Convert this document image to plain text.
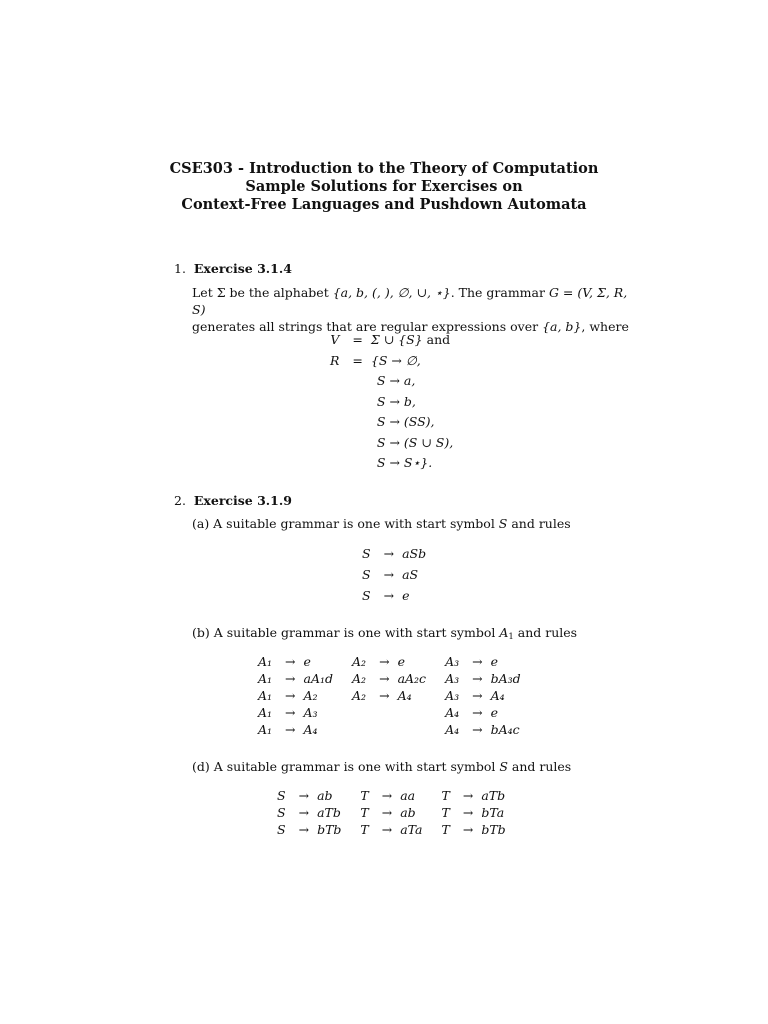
CSE303 - Introduction to the Theory of Computation
Sample Solutions for Exercises on
Context-Free Languages and Pushdown Automata
1. Exercise 3.1.4
Let Σ be the alphabet {a, b, (, ), ∅, ∪, ⋆}. The grammar G = (V, Σ, R, S)
generates all strings that are regular expressions over {a, b}, where
V	=	Σ ∪ {S} and
R	=	{S → ∅,
		S → a,
		S → b,
		S → (SS),
		S → (S ∪ S),
		S → S⋆}.
2. Exercise 3.1.9
(a) A suitable grammar is one with start symbol S and rules
S	→	aSb
S	→	aS
S	→	e
(b) A suitable grammar is one with start symbol $A_1$ and rules
A₁	→	e		A₂	→	e		A₃	→	e
A₁	→	aA₁d		A₂	→	aA₂c		A₃	→	bA₃d
A₁	→	A₂		A₂	→	A₄		A₃	→	A₄
A₁	→	A₃						A₄	→	e
A₁	→	A₄						A₄	→	bA₄c
(d) A suitable grammar is one with start symbol S and rules
S	→	ab		T	→	aa		T	→	aTb
S	→	aTb		T	→	ab		T	→	bTa
S	→	bTb		T	→	aTa		T	→	bTb
